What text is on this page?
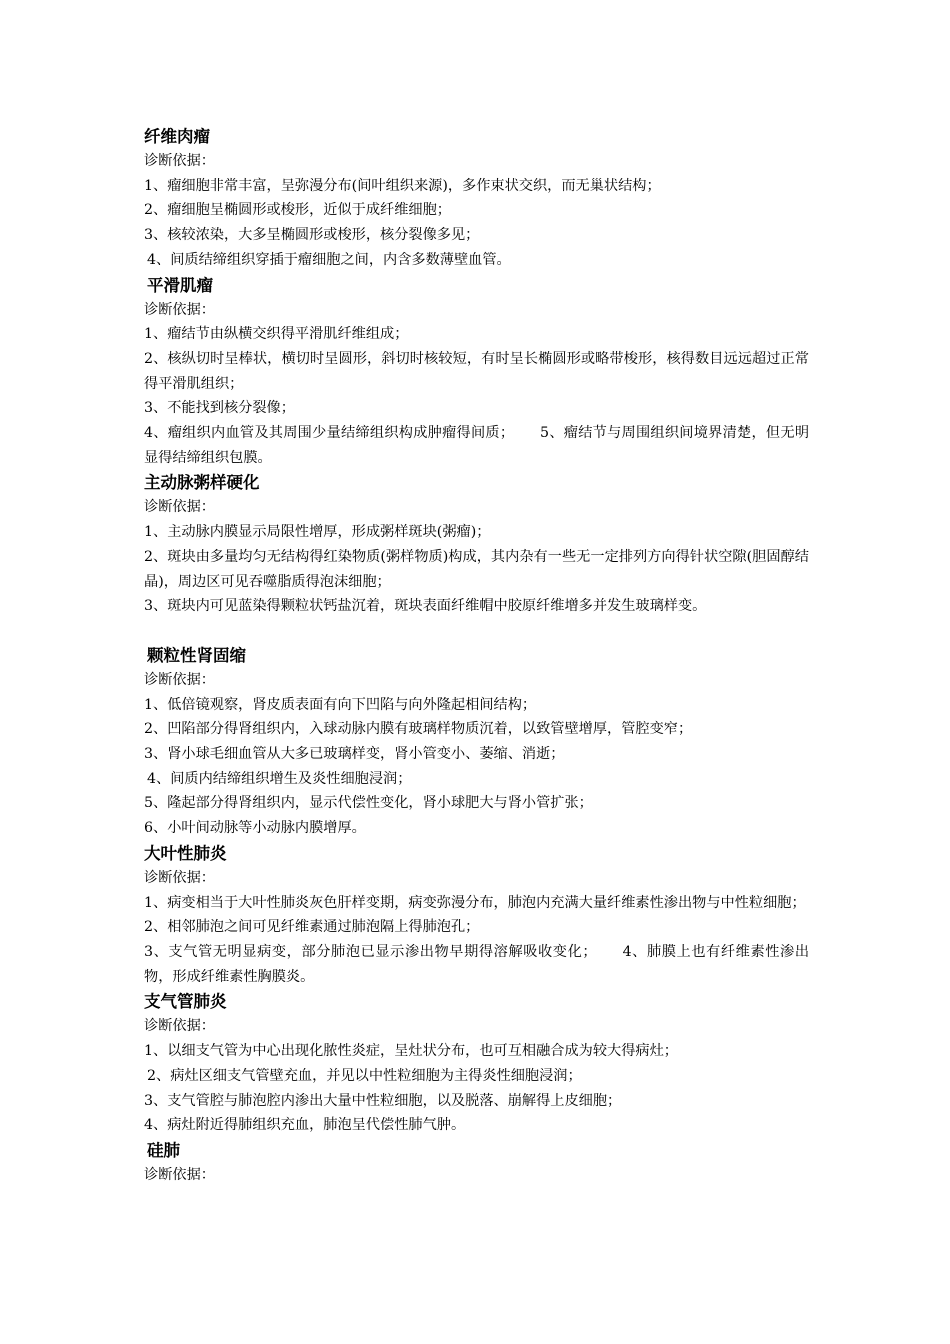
纤维肉瘤
诊断依据：
1、瘤细胞非常丰富，呈弥漫分布(间叶组织来源)，多作束状交织，而无巢状结构；
2、瘤细胞呈椭圆形或梭形，近似于成纤维细胞；
3、核较浓染，大多呈椭圆形或梭形，核分裂像多见；
4、间质结缔组织穿插于瘤细胞之间，内含多数薄壁血管。
平滑肌瘤
诊断依据：
1、瘤结节由纵横交织得平滑肌纤维组成；
2、核纵切时呈棒状，横切时呈圆形，斜切时核较短，有时呈长椭圆形或略带梭形，核得数目远远超过正常得平滑肌组织；
3、不能找到核分裂像；
4、瘤组织内血管及其周围少量结缔组织构成肿瘤得间质； 5、瘤结节与周围组织间境界清楚，但无明显得结缔组织包膜。
主动脉粥样硬化
诊断依据：
1、主动脉内膜显示局限性增厚，形成粥样斑块(粥瘤)；
2、斑块由多量均匀无结构得红染物质(粥样物质)构成，其内杂有一些无一定排列方向得针状空隙(胆固醇结晶)，周边区可见吞噬脂质得泡沫细胞；
3、斑块内可见蓝染得颗粒状钙盐沉着，斑块表面纤维帽中胶原纤维增多并发生玻璃样变。
颗粒性肾固缩
诊断依据：
1、低倍镜观察，肾皮质表面有向下凹陷与向外隆起相间结构；
2、凹陷部分得肾组织内，入球动脉内膜有玻璃样物质沉着，以致管壁增厚，管腔变窄；
3、肾小球毛细血管从大多已玻璃样变，肾小管变小、萎缩、消逝；
4、间质内结缔组织增生及炎性细胞浸润；
5、隆起部分得肾组织内，显示代偿性变化，肾小球肥大与肾小管扩张；
6、小叶间动脉等小动脉内膜增厚。
大叶性肺炎
诊断依据：
1、病变相当于大叶性肺炎灰色肝样变期，病变弥漫分布，肺泡内充满大量纤维素性渗出物与中性粒细胞；
2、相邻肺泡之间可见纤维素通过肺泡隔上得肺泡孔；
3、支气管无明显病变，部分肺泡已显示渗出物早期得溶解吸收变化； 4、肺膜上也有纤维素性渗出物，形成纤维素性胸膜炎。
支气管肺炎
诊断依据：
1、以细支气管为中心出现化脓性炎症，呈灶状分布，也可互相融合成为较大得病灶；
2、病灶区细支气管壁充血，并见以中性粒细胞为主得炎性细胞浸润；
3、支气管腔与肺泡腔内渗出大量中性粒细胞，以及脱落、崩解得上皮细胞；
4、病灶附近得肺组织充血，肺泡呈代偿性肺气肿。
硅肺
诊断依据：
